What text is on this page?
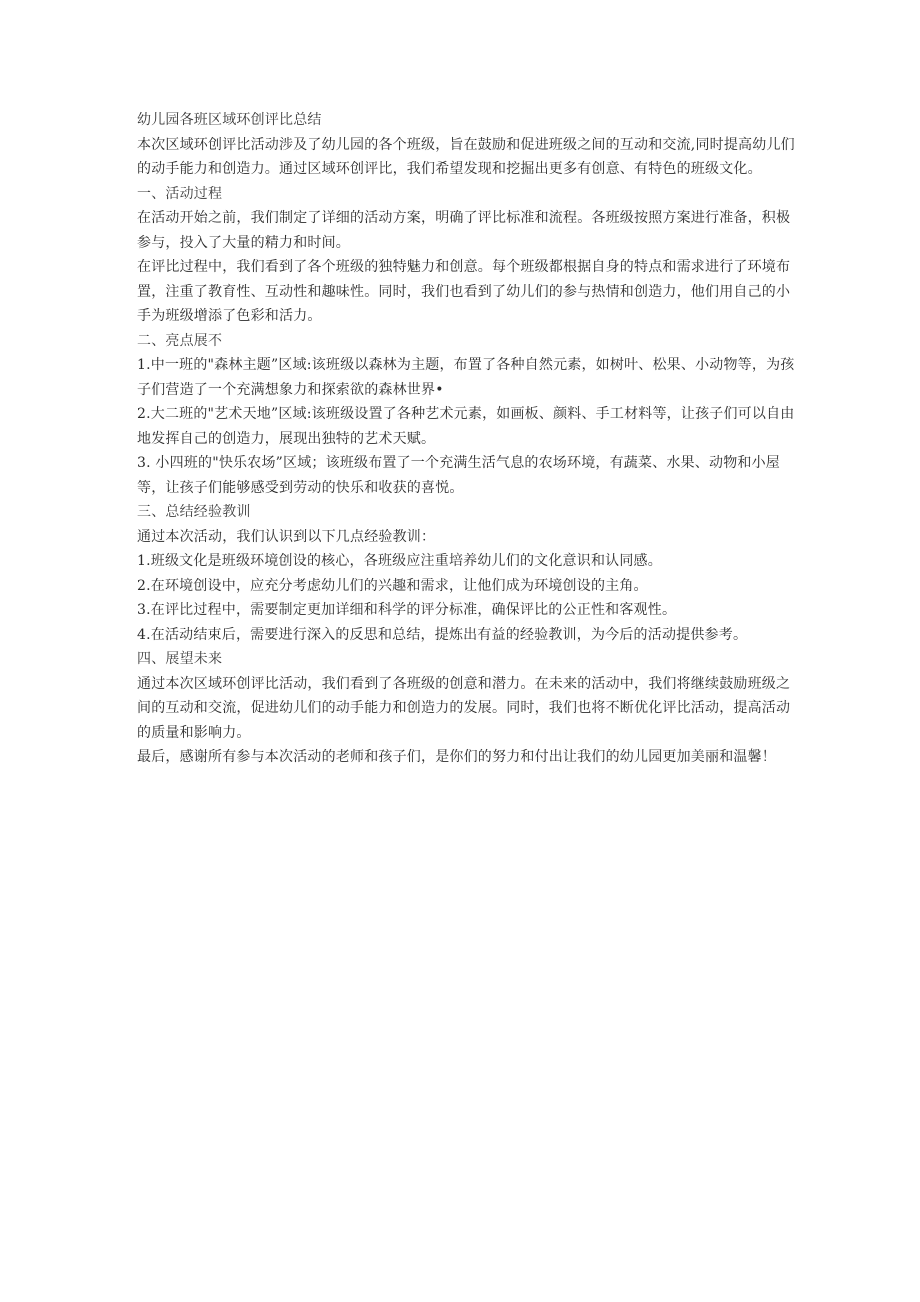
幼儿园各班区域环创评比总结

本次区域环创评比活动涉及了幼儿园的各个班级，旨在鼓励和促进班级之间的互动和交流,同时提高幼儿们的动手能力和创造力。通过区域环创评比，我们希望发现和挖掘出更多有创意、有特色的班级文化。

一、活动过程

在活动开始之前，我们制定了详细的活动方案，明确了评比标准和流程。各班级按照方案进行准备，积极参与，投入了大量的精力和时间。

在评比过程中，我们看到了各个班级的独特魅力和创意。每个班级都根据自身的特点和需求进行了环境布置，注重了教育性、互动性和趣味性。同时，我们也看到了幼儿们的参与热情和创造力，他们用自己的小手为班级增添了色彩和活力。

二、亮点展不

1.中一班的"森林主题”区域:该班级以森林为主题，布置了各种自然元素，如树叶、松果、小动物等，为孩子们营造了一个充满想象力和探索欲的森林世界•

2.大二班的"艺术天地”区域:该班级设置了各种艺术元素，如画板、颜料、手工材料等，让孩子们可以自由地发挥自己的创造力，展现出独特的艺术天赋。

3. 小四班的"快乐农场”区域；该班级布置了一个充满生活气息的农场环境，有蔬菜、水果、动物和小屋等，让孩子们能够感受到劳动的快乐和收获的喜悦。

三、总结经验教训

通过本次活动，我们认识到以下几点经验教训：

1.班级文化是班级环境创设的核心，各班级应注重培养幼儿们的文化意识和认同感。

2.在环境创设中，应充分考虑幼儿们的兴趣和需求，让他们成为环境创设的主角。

3.在评比过程中，需要制定更加详细和科学的评分标准，确保评比的公正性和客观性。

4.在活动结束后，需要进行深入的反思和总结，提炼出有益的经验教训，为今后的活动提供参考。

四、展望未来

通过本次区域环创评比活动，我们看到了各班级的创意和潜力。在未来的活动中，我们将继续鼓励班级之间的互动和交流，促进幼儿们的动手能力和创造力的发展。同时，我们也将不断优化评比活动，提高活动的质量和影响力。

最后，感谢所有参与本次活动的老师和孩子们，是你们的努力和付出让我们的幼儿园更加美丽和温馨！
